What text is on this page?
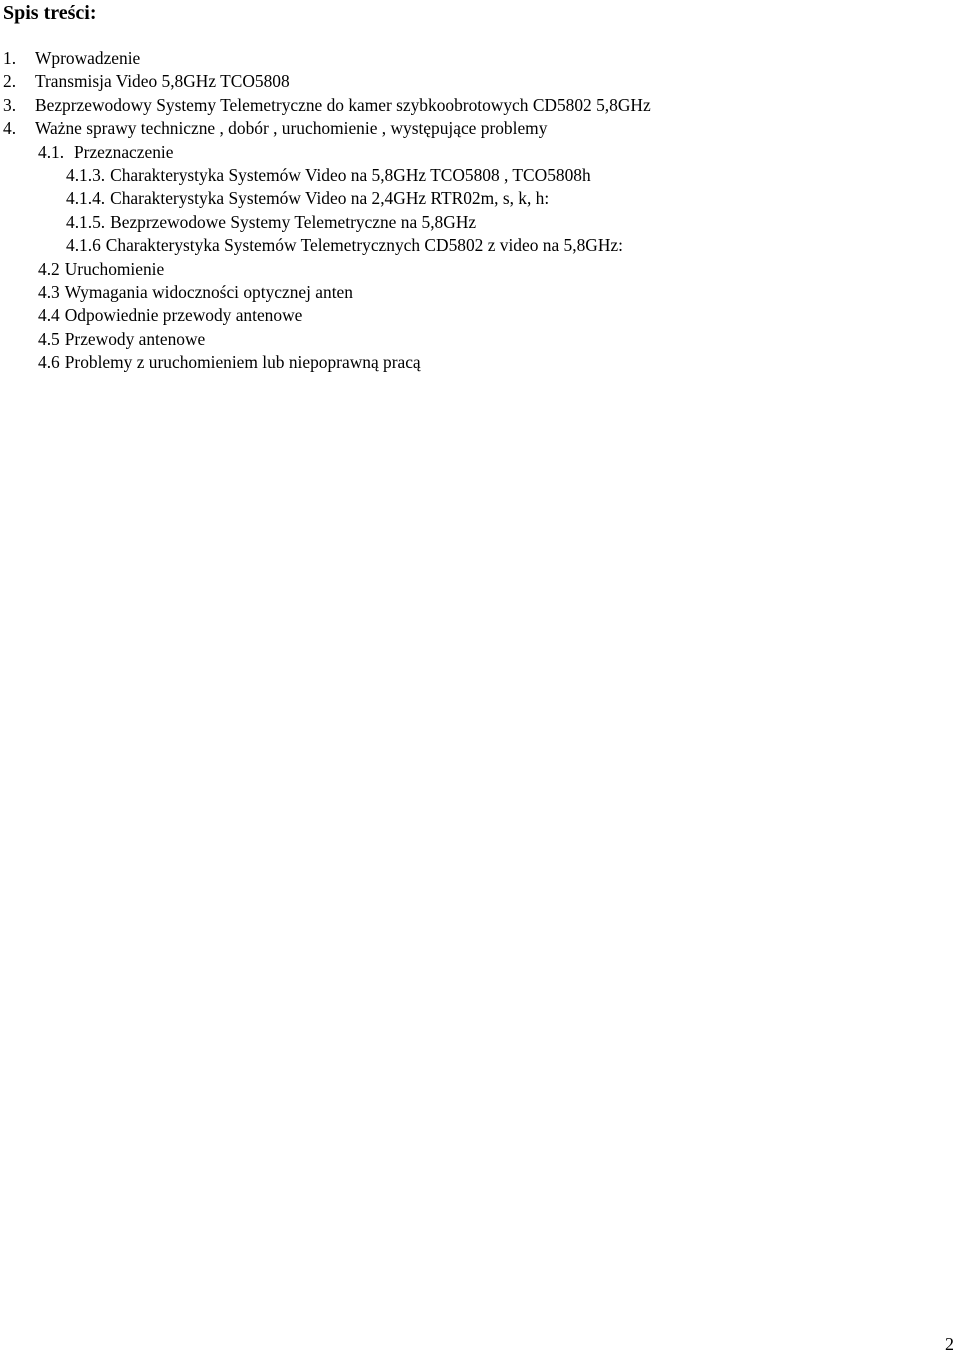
Spis treści:
1. Wprowadzenie
2. Transmisja Video 5,8GHz TCO5808
3. Bezprzewodowy Systemy Telemetryczne do kamer szybkoobrotowych CD5802 5,8GHz
4. Ważne sprawy techniczne , dobór , uruchomienie , występujące problemy
4.1. Przeznaczenie
4.1.3. Charakterystyka Systemów Video na 5,8GHz TCO5808 , TCO5808h
4.1.4. Charakterystyka Systemów Video na 2,4GHz RTR02m, s, k, h:
4.1.5. Bezprzewodowe Systemy Telemetryczne na 5,8GHz
4.1.6 Charakterystyka Systemów Telemetrycznych CD5802 z video na 5,8GHz:
4.2 Uruchomienie
4.3 Wymagania widoczności optycznej anten
4.4 Odpowiednie przewody antenowe
4.5 Przewody antenowe
4.6 Problemy z uruchomieniem lub niepoprawną pracą
2
